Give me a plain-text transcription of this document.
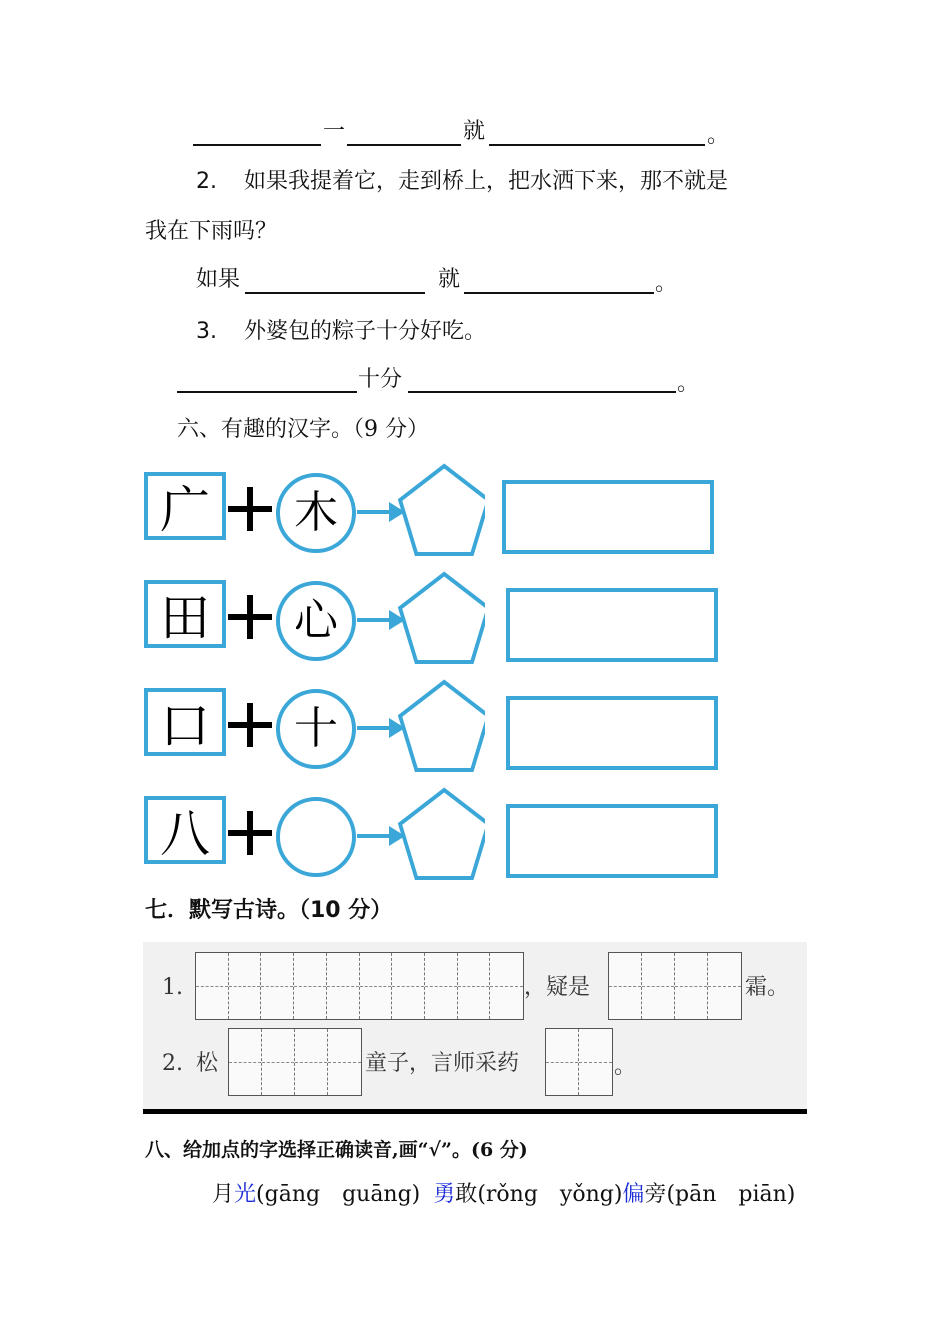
一	就	。
2. 如果我提着它，走到桥上，把水洒下来，那不就是
我在下雨吗？
如果	就	。
3. 外婆包的粽子十分好吃。
十分	。
六、有趣的汉字。（9 分）
广 木
田 心
口 十
八
七．默写古诗。（10 分）
1.	，疑是	霜。
2. 松	童子，言师采药	。
八、给加点的字选择正确读音,画“√”。(6 分)
月光(gāng　guāng) 勇敢(rǒng　yǒng)偏旁(pān　piān)
